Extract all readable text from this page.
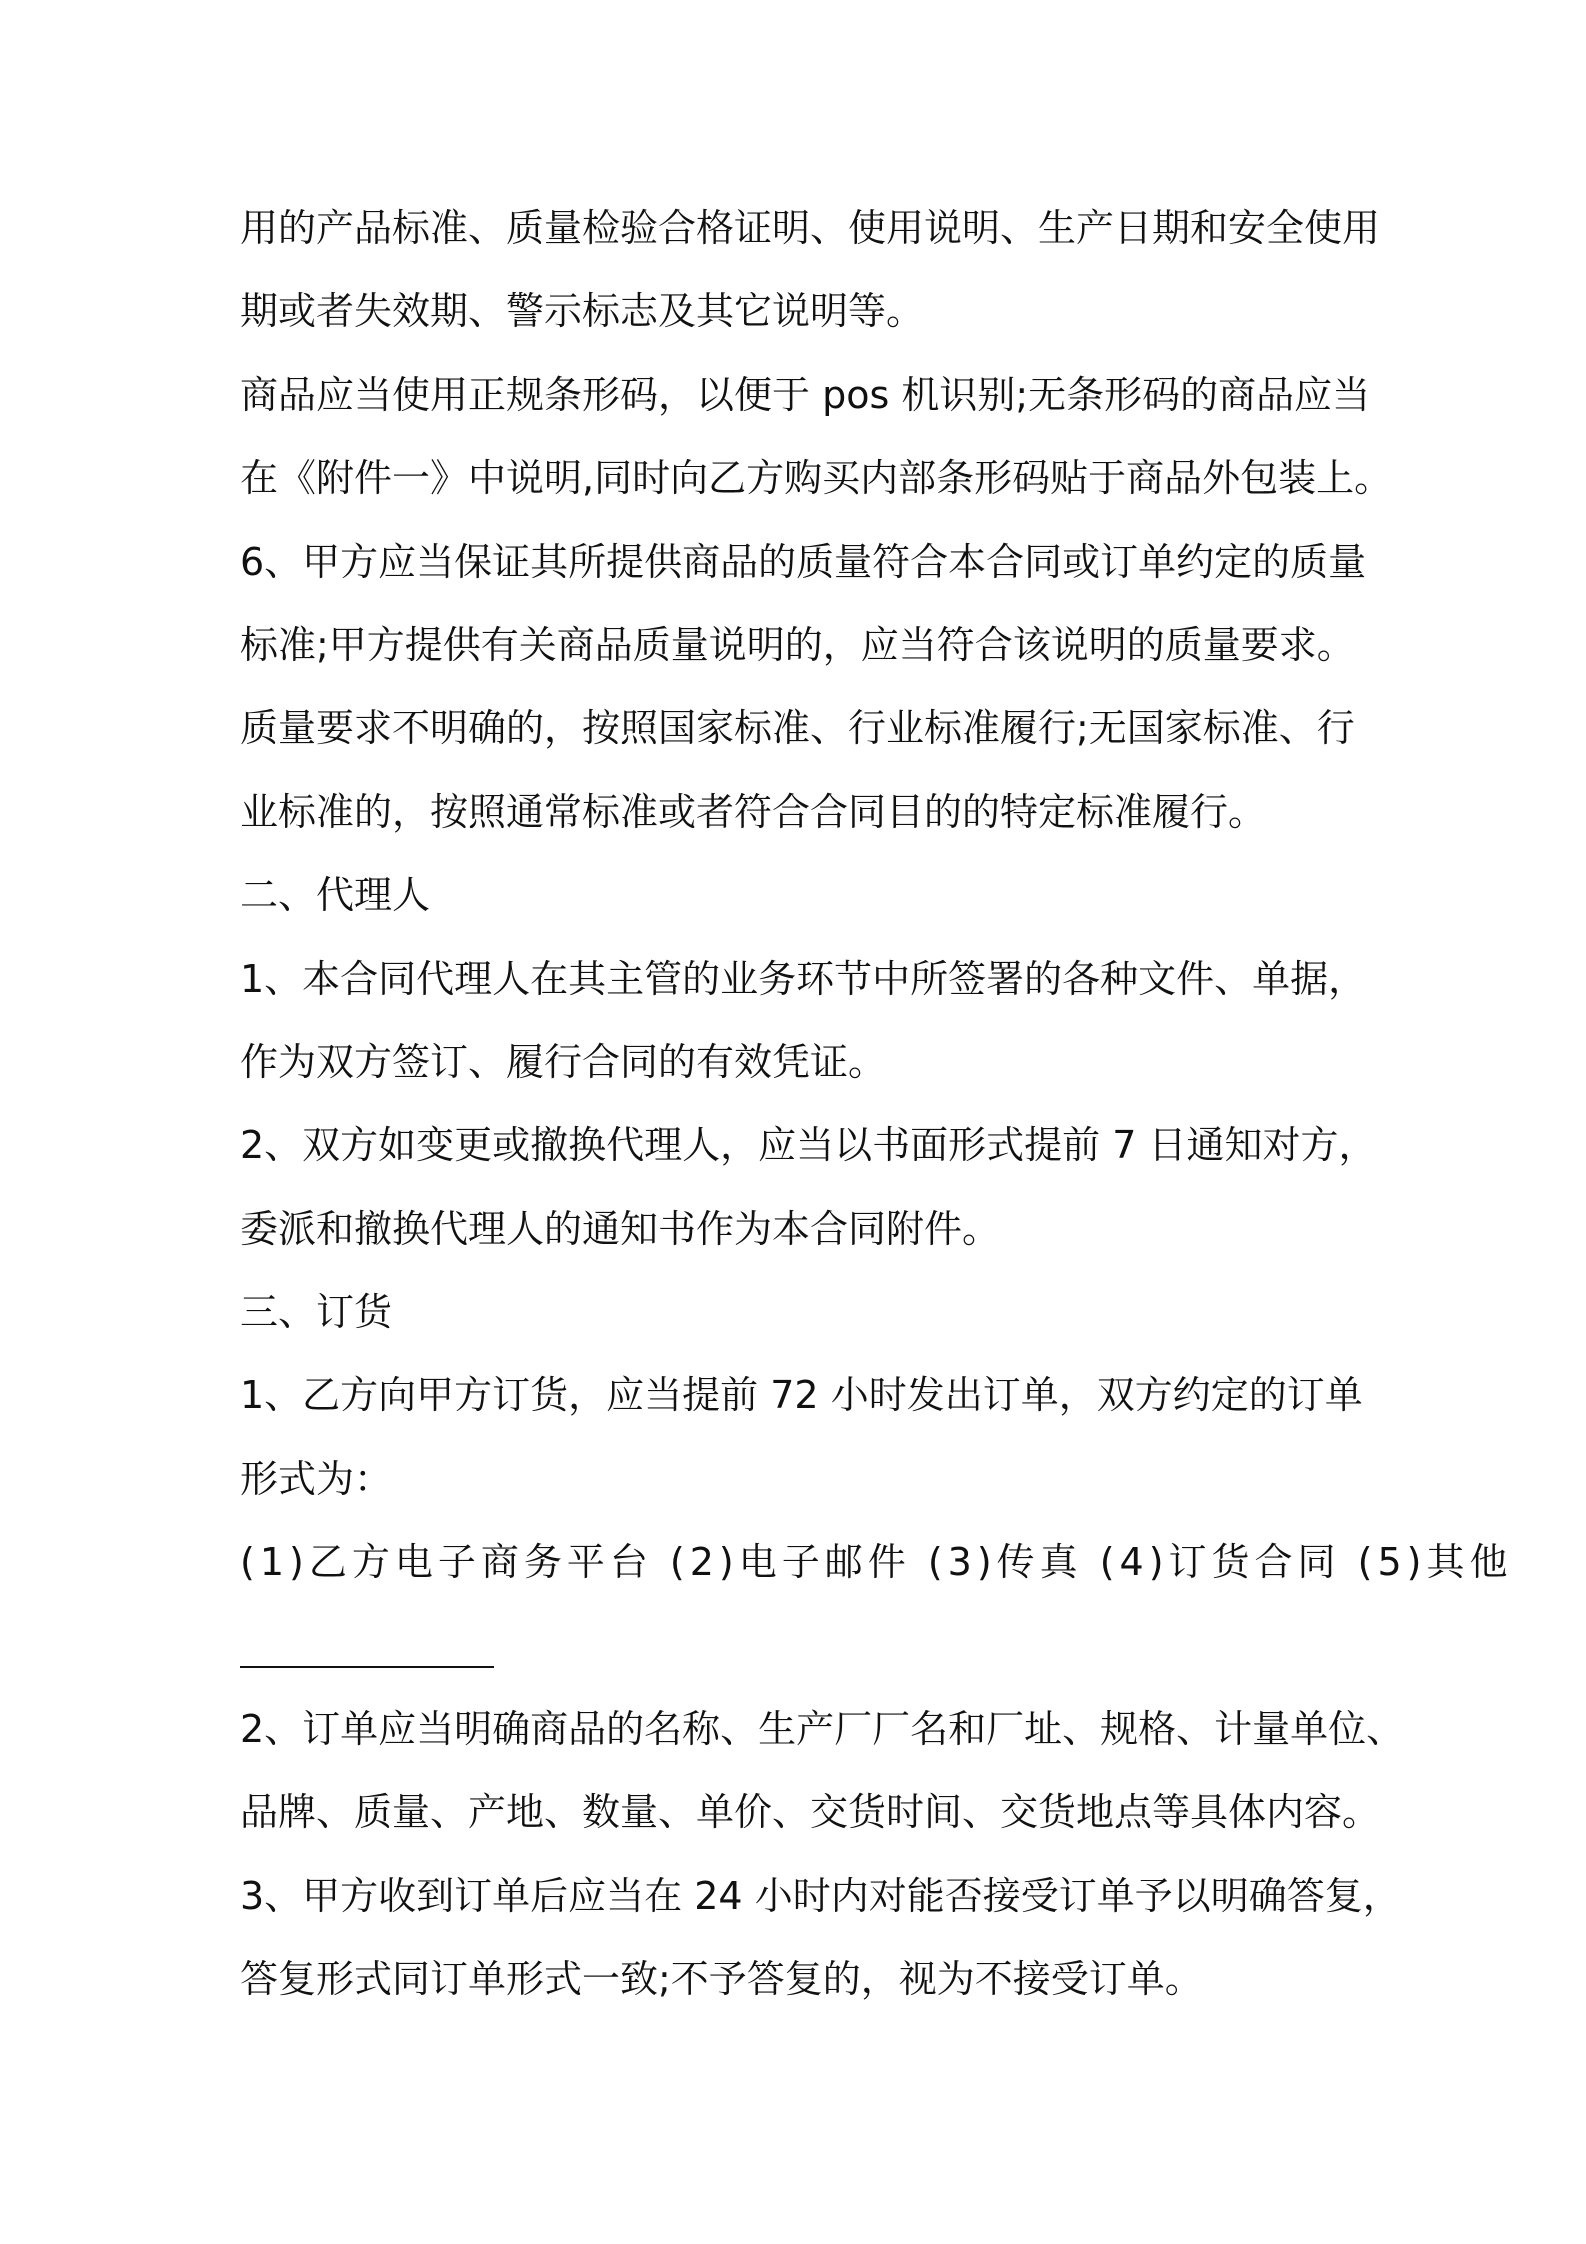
用的产品标准、质量检验合格证明、使用说明、生产日期和安全使用
期或者失效期、警示标志及其它说明等。
商品应当使用正规条形码，以便于 pos 机识别;无条形码的商品应当
在《附件一》中说明,同时向乙方购买内部条形码贴于商品外包装上。
6、甲方应当保证其所提供商品的质量符合本合同或订单约定的质量
标准;甲方提供有关商品质量说明的，应当符合该说明的质量要求。
质量要求不明确的，按照国家标准、行业标准履行;无国家标准、行
业标准的，按照通常标准或者符合合同目的的特定标准履行。
二、代理人
1、本合同代理人在其主管的业务环节中所签署的各种文件、单据，
作为双方签订、履行合同的有效凭证。
2、双方如变更或撤换代理人，应当以书面形式提前 7 日通知对方，
委派和撤换代理人的通知书作为本合同附件。
三、订货
1、乙方向甲方订货，应当提前 72 小时发出订单，双方约定的订单
形式为：
(1)乙方电子商务平台 (2)电子邮件 (3)传真 (4)订货合同 (5)其他
2、订单应当明确商品的名称、生产厂厂名和厂址、规格、计量单位、
品牌、质量、产地、数量、单价、交货时间、交货地点等具体内容。
3、甲方收到订单后应当在 24 小时内对能否接受订单予以明确答复，
答复形式同订单形式一致;不予答复的，视为不接受订单。
